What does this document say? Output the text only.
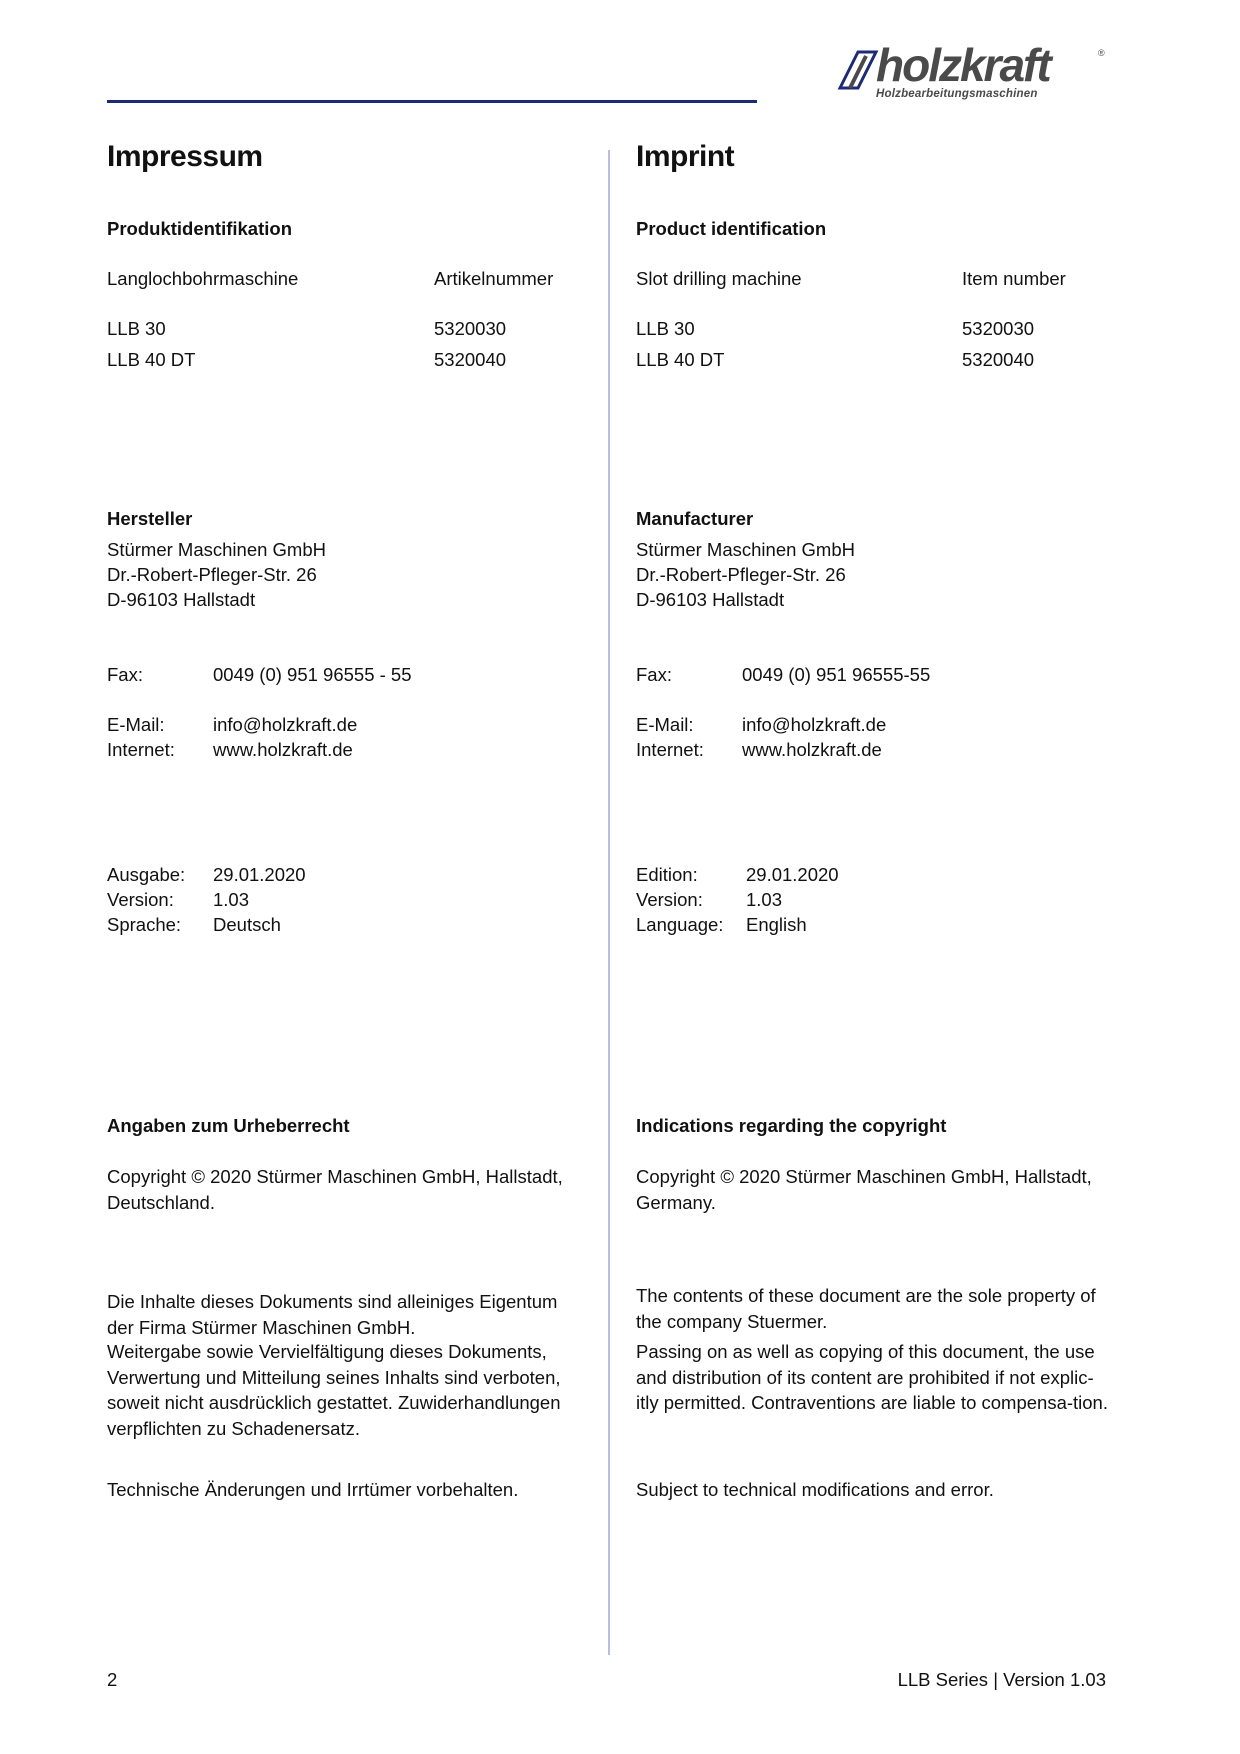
holzkraft	®
Holzbearbeitungsmaschinen
Impressum
Produktidentifikation
Langlochbohrmaschine	Artikelnummer
LLB 30	5320030
LLB 40 DT	5320040
Hersteller
Stürmer Maschinen GmbH
Dr.-Robert-Pfleger-Str. 26
D-96103 Hallstadt
Fax:	0049 (0) 951 96555 - 55
E-Mail:	info@holzkraft.de
Internet: www.holzkraft.de
Ausgabe: 29.01.2020
Version: 1.03
Sprache: Deutsch
Angaben zum Urheberrecht
Copyright © 2020 Stürmer Maschinen GmbH, Hallstadt, Deutschland.
Die Inhalte dieses Dokuments sind alleiniges Eigentum der Firma Stürmer Maschinen GmbH.
Weitergabe sowie Vervielfältigung dieses Dokuments, Verwertung und Mitteilung seines Inhalts sind verboten, soweit nicht ausdrücklich gestattet. Zuwiderhandlungen verpflichten zu Schadenersatz.
Technische Änderungen und Irrtümer vorbehalten.
Imprint
Product identification
Slot drilling machine	Item number
LLB 30	5320030
LLB 40 DT	5320040
Manufacturer
Stürmer Maschinen GmbH
Dr.-Robert-Pfleger-Str. 26
D-96103 Hallstadt
Fax:	0049 (0) 951 96555-55
E-Mail:	info@holzkraft.de
Internet: www.holzkraft.de
Edition:	29.01.2020
Version: 1.03
Language: English
Indications regarding the copyright
Copyright © 2020 Stürmer Maschinen GmbH, Hallstadt, Germany.
The contents of these document are the sole property of the company Stuermer.
Passing on as well as copying of this document, the use and distribution of its content are prohibited if not explic-itly permitted. Contraventions are liable to compensa-tion.
Subject to technical modifications and error.
2	LLB Series | Version 1.03
